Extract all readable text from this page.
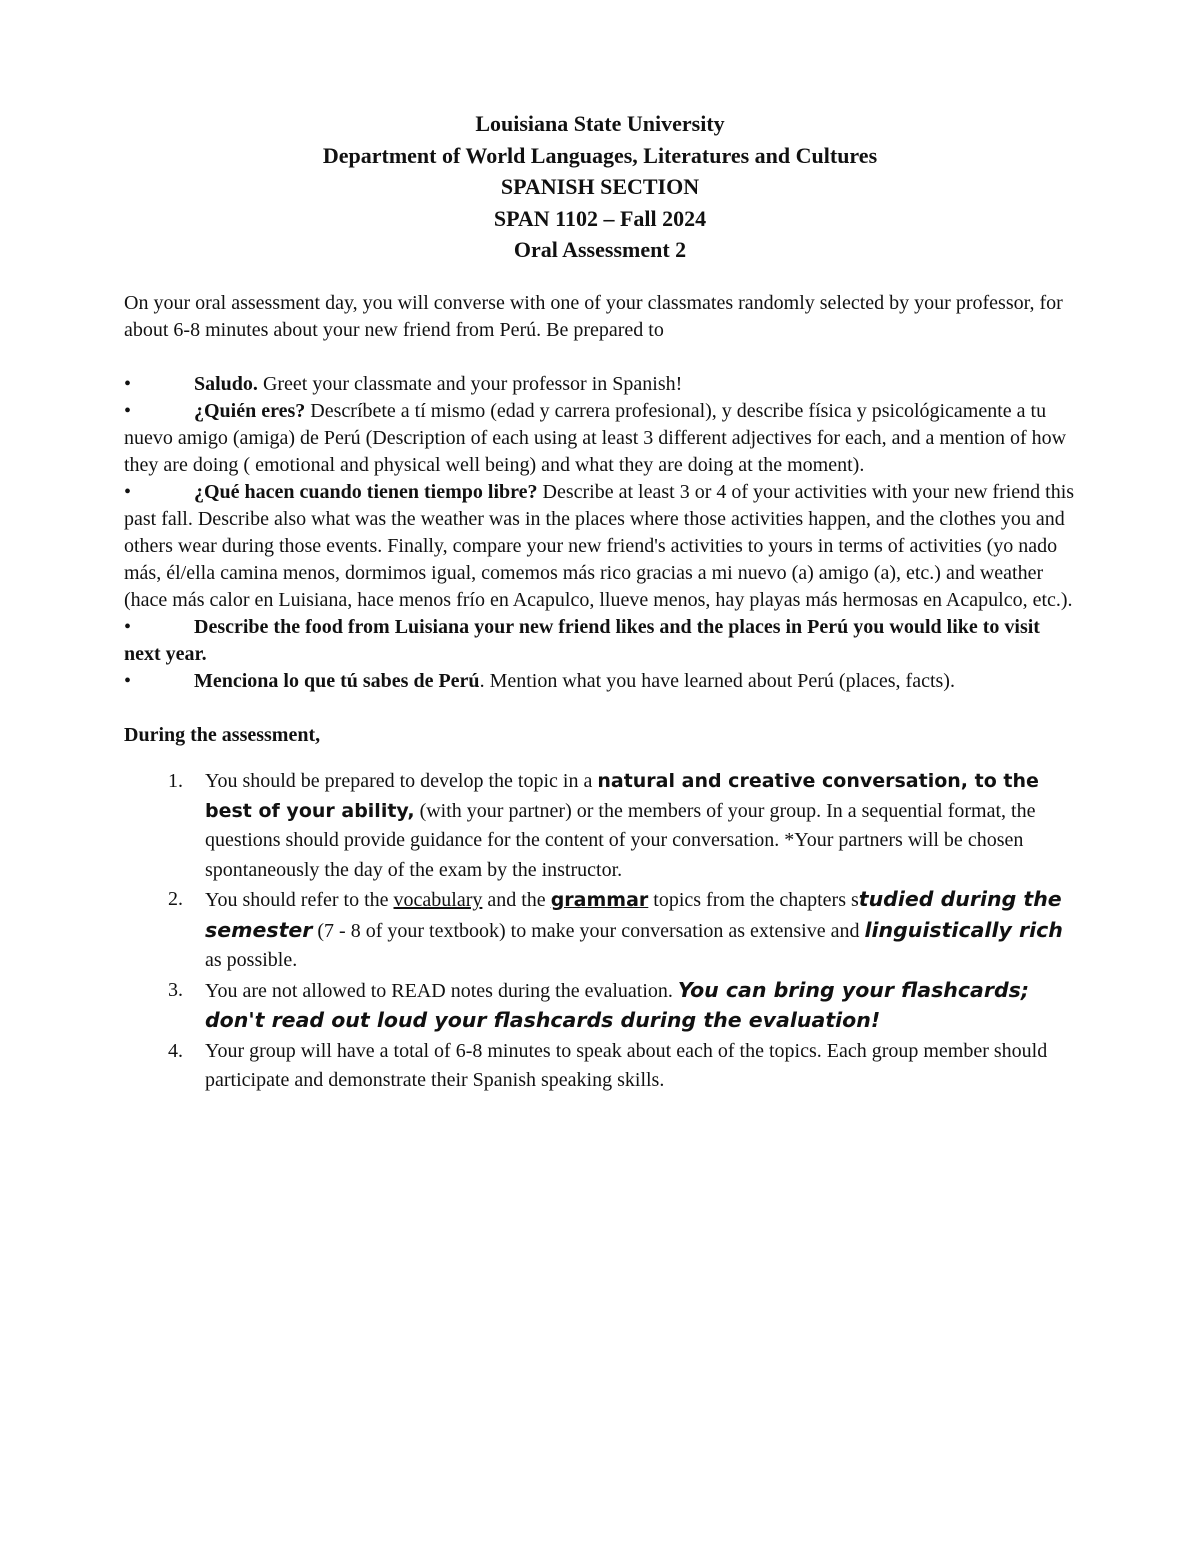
Louisiana State University

Department of World Languages, Literatures and Cultures

SPANISH SECTION

SPAN 1102 – Fall 2024

Oral Assessment 2

On your oral assessment day, you will converse with one of your classmates randomly selected by your professor, for about 6-8 minutes about your new friend from Perú. Be prepared to

•	Saludo. Greet your classmate and your professor in Spanish!

•	¿Quién eres? Descríbete a tí mismo (edad y carrera profesional), y describe física y psicológicamente a tu nuevo amigo (amiga) de Perú (Description of each using at least 3 different adjectives for each, and a mention of how they are doing ( emotional and physical well being) and what they are doing at the moment).

•	¿Qué hacen cuando tienen tiempo libre? Describe at least 3 or 4 of your activities with your new friend this past fall. Describe also what was the weather was in the places where those activities happen, and the clothes you and others wear during those events. Finally, compare your new friend's activities to yours in terms of activities (yo nado más, él/ella camina menos, dormimos igual, comemos más rico gracias a mi nuevo (a) amigo (a), etc.) and weather (hace más calor en Luisiana, hace menos frío en Acapulco, llueve menos, hay playas más hermosas en Acapulco, etc.).

•	Describe the food from Luisiana your new friend likes and the places in Perú you would like to visit next year.

•	Menciona lo que tú sabes de Perú. Mention what you have learned about Perú (places, facts).

During the assessment,

1.	You should be prepared to develop the topic in a natural and creative conversation, to the best of your ability, (with your partner) or the members of your group. In a sequential format, the questions should provide guidance for the content of your conversation. *Your partners will be chosen spontaneously the day of the exam by the instructor.
2.	You should refer to the vocabulary and the grammar topics from the chapters studied during the semester (7 - 8 of your textbook) to make your conversation as extensive and linguistically rich as possible.
3.	You are not allowed to READ notes during the evaluation. You can bring your flashcards; don't read out loud your flashcards during the evaluation!
4.	Your group will have a total of 6-8 minutes to speak about each of the topics. Each group member should participate and demonstrate their Spanish speaking skills.
